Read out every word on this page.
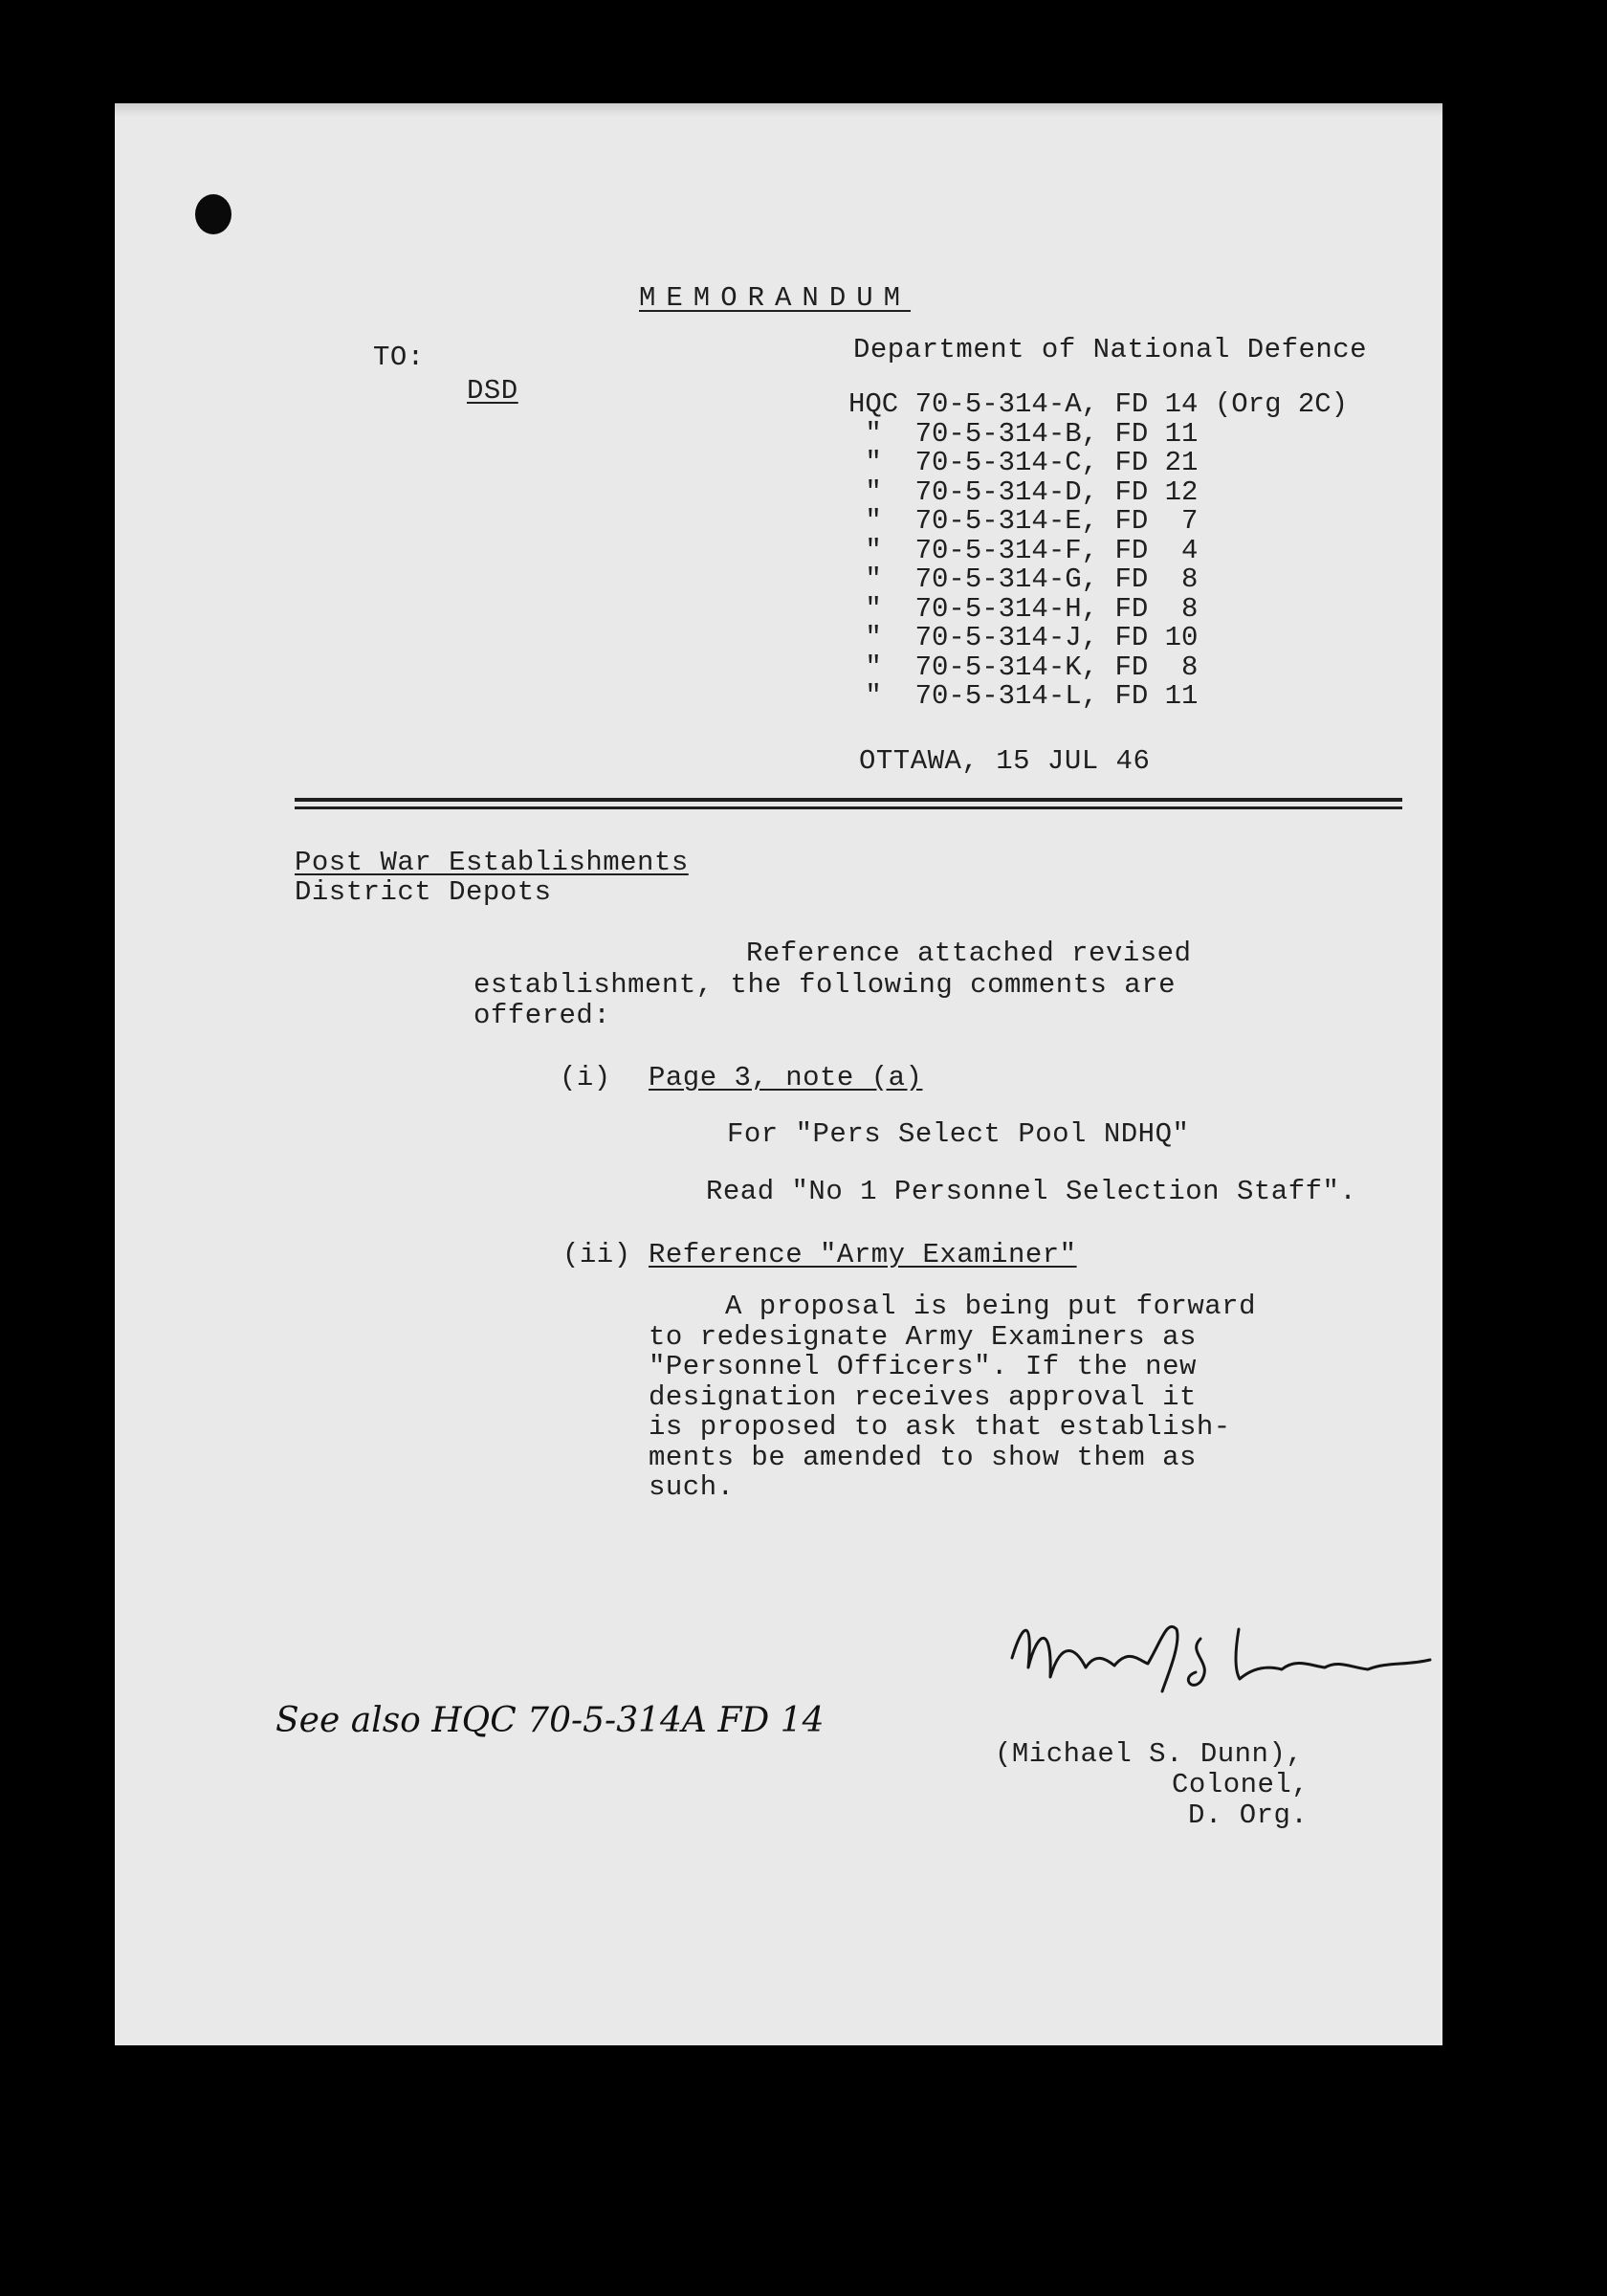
MEMORANDUM
TO:
DSD
Department of National Defence
HQC 70-5-314-A, FD 14 (Org 2C)
"  70-5-314-B, FD 11
"  70-5-314-C, FD 21
"  70-5-314-D, FD 12
"  70-5-314-E, FD  7
"  70-5-314-F, FD  4
"  70-5-314-G, FD  8
"  70-5-314-H, FD  8
"  70-5-314-J, FD 10
"  70-5-314-K, FD  8
"  70-5-314-L, FD 11
OTTAWA, 15 JUL 46
Post War Establishments
District Depots
Reference attached revised
establishment, the following comments are
offered:
(i) Page 3, note (a)
For "Pers Select Pool NDHQ"
Read "No 1 Personnel Selection Staff".
(ii) Reference "Army Examiner"
A proposal is being put forward
to redesignate Army Examiners as
"Personnel Officers". If the new
designation receives approval it
is proposed to ask that establish-
ments be amended to show them as
such.
See also HQC 70-5-314A FD 14
(Michael S. Dunn),
Colonel,
D. Org.
